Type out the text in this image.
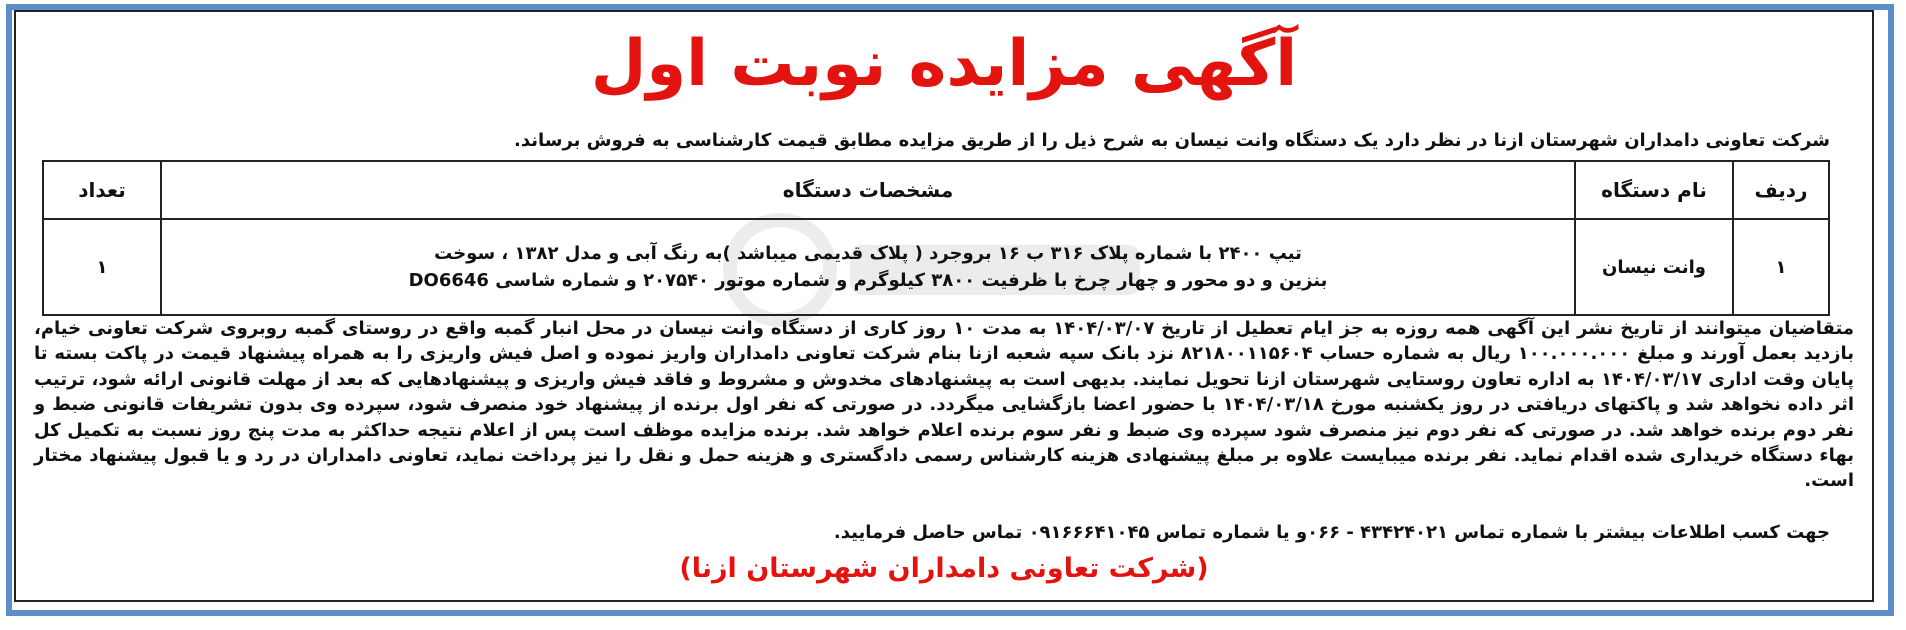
آگهی مزایده نوبت اول
شرکت تعاونی دامداران شهرستان ازنا در نظر دارد یک دستگاه وانت نیسان به شرح ذیل را از طریق مزایده مطابق قیمت کارشناسی به فروش برساند.
ردیف	نام دستگاه	مشخصات دستگاه	تعداد
۱	وانت نیسان	تیپ ۲۴۰۰ با شماره پلاک ۳۱۶ ب ۱۶ بروجرد ( پلاک قدیمی میباشد )به رنگ آبی و مدل ۱۳۸۲ ، سوخت
بنزین و دو محور و چهار چرخ با ظرفیت ۳۸۰۰ کیلوگرم و شماره موتور ۲۰۷۵۴۰ و شماره شاسی DO6646	۱

متقاضیان میتوانند از تاریخ نشر این آگهی همه روزه به جز ایام تعطیل از تاریخ ۱۴۰۴/۰۳/۰۷ به مدت ۱۰ روز کاری از دستگاه وانت نیسان در محل انبار گمبه واقع در روستای گمبه روبروی شرکت تعاونی خیام، بازدید بعمل آورند و مبلغ ۱۰۰.۰۰۰.۰۰۰ ریال به شماره حساب ۸۲۱۸۰۰۱۱۵۶۰۴ نزد بانک سپه شعبه ازنا بنام شرکت تعاونی دامداران واریز نموده و اصل فیش واریزی را به همراه پیشنهاد قیمت در پاکت بسته تا پایان وقت اداری ۱۴۰۴/۰۳/۱۷ به اداره تعاون روستایی شهرستان ازنا تحویل نمایند. بدیهی است به پیشنهادهای مخدوش و مشروط و فاقد فیش واریزی و پیشنهادهایی که بعد از مهلت قانونی ارائه شود، ترتیب اثر داده نخواهد شد و پاکتهای دریافتی در روز یکشنبه مورخ ۱۴۰۴/۰۳/۱۸ با حضور اعضا بازگشایی میگردد. در صورتی که نفر اول برنده از پیشنهاد خود منصرف شود، سپرده وی بدون تشریفات قانونی ضبط و نفر دوم برنده خواهد شد. در صورتی که نفر دوم نیز منصرف شود سپرده وی ضبط و نفر سوم برنده اعلام خواهد شد. برنده مزایده موظف است پس از اعلام نتیجه حداکثر به مدت پنج روز نسبت به تکمیل کل بهاء دستگاه خریداری شده اقدام نماید. نفر برنده میبایست علاوه بر مبلغ پیشنهادی هزینه کارشناس رسمی دادگستری و هزینه حمل و نقل را نیز پرداخت نماید، تعاونی دامداران در رد و یا قبول پیشنهاد مختار است.

جهت کسب اطلاعات بیشتر با شماره تماس ۴۳۴۲۴۰۲۱ - ۰۶۶و یا شماره تماس ۰۹۱۶۶۶۴۱۰۴۵ تماس حاصل فرمایید.
(شرکت تعاونی دامداران شهرستان ازنا)
